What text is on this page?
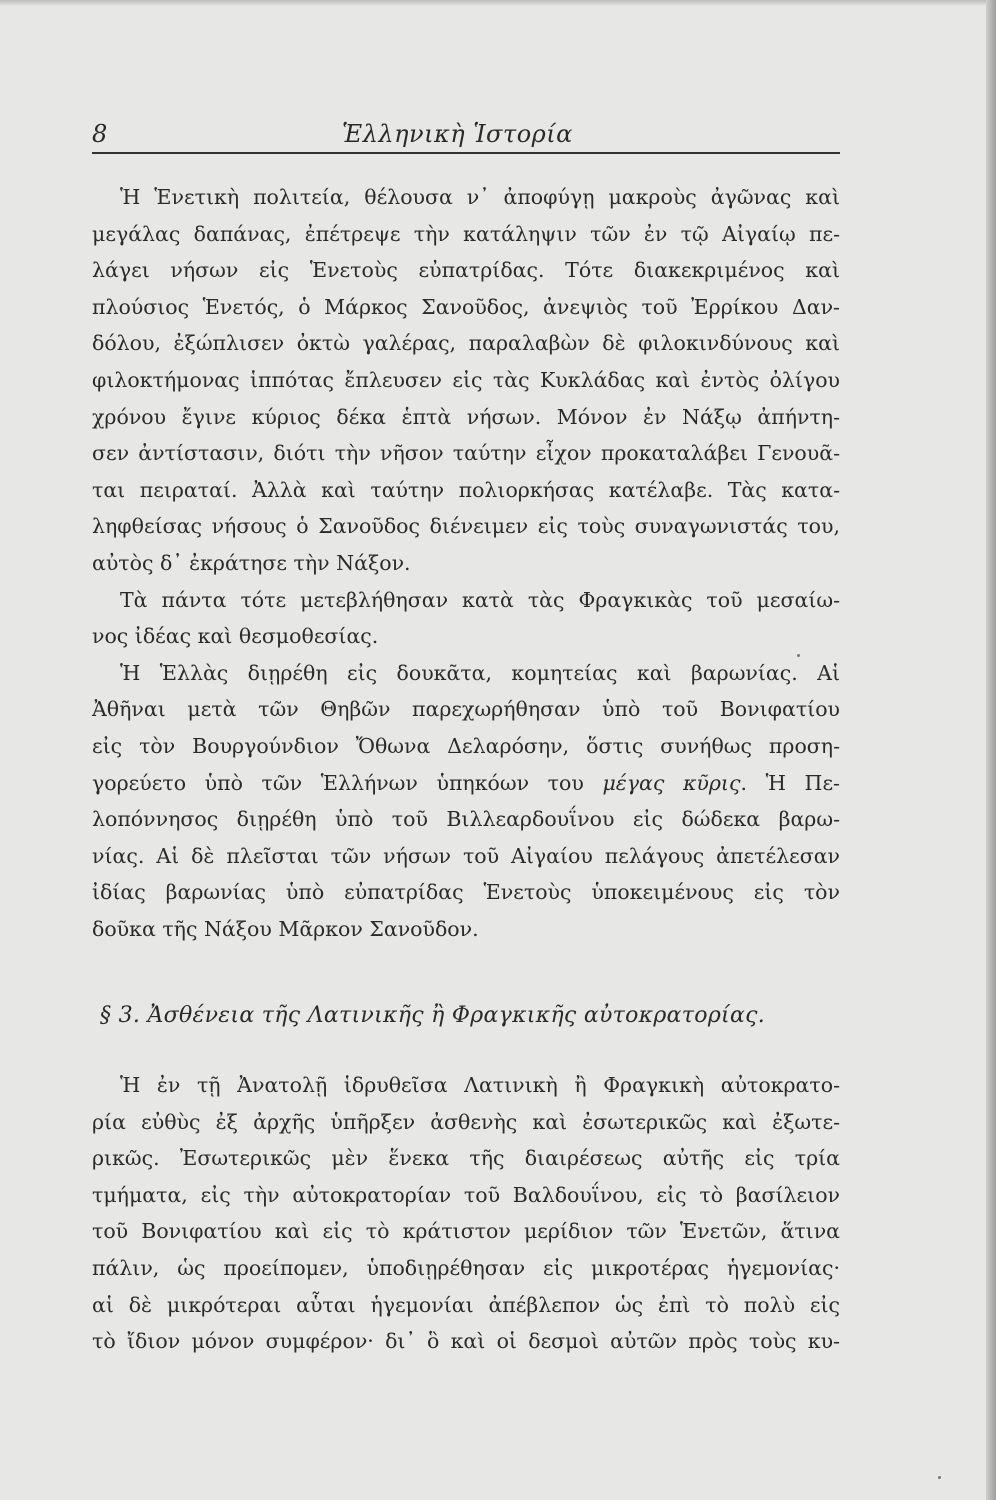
8	Ἑλληνικὴ Ἱστορία
Ἡ Ἑνετικὴ πολιτεία, θέλουσα ν᾽ ἀποφύγῃ μακροὺς ἀγῶνας καὶ
μεγάλας δαπάνας, ἐπέτρεψε τὴν κατάληψιν τῶν ἐν τῷ Αἰγαίῳ πε-
λάγει νήσων εἰς Ἑνετοὺς εὐπατρίδας. Τότε διακεκριμένος καὶ
πλούσιος Ἑνετός, ὁ Μάρκος Σανοῦδος, ἀνεψιὸς τοῦ Ἐρρίκου Δαν-
δόλου, ἐξώπλισεν ὀκτὼ γαλέρας, παραλαβὼν δὲ φιλοκινδύνους καὶ
φιλοκτήμονας ἱππότας ἔπλευσεν εἰς τὰς Κυκλάδας καὶ ἐντὸς ὀλίγου
χρόνου ἔγινε κύριος δέκα ἑπτὰ νήσων. Μόνον ἐν Νάξῳ ἀπήντη-
σεν ἀντίστασιν, διότι τὴν νῆσον ταύτην εἶχον προκαταλάβει Γενουᾶ-
ται πειραταί. Ἀλλὰ καὶ ταύτην πολιορκήσας κατέλαβε. Τὰς κατα-
ληφθείσας νήσους ὁ Σανοῦδος διένειμεν εἰς τοὺς συναγωνιστάς του,
αὐτὸς δ᾽ ἐκράτησε τὴν Νάξον.
Τὰ πάντα τότε μετεβλήθησαν κατὰ τὰς Φραγκικὰς τοῦ μεσαίω-
νος ἰδέας καὶ θεσμοθεσίας.
Ἡ Ἑλλὰς διῃρέθη εἰς δουκᾶτα, κομητείας καὶ βαρωνίας. Αἱ
Ἀθῆναι μετὰ τῶν Θηβῶν παρεχωρήθησαν ὑπὸ τοῦ Βονιφατίου
εἰς τὸν Βουργούνδιον Ὄθωνα Δελαρόσην, ὅστις συνήθως προση-
γορεύετο ὑπὸ τῶν Ἑλλήνων ὑπηκόων του μέγας κῦρις. Ἡ Πε-
λοπόννησος διῃρέθη ὑπὸ τοῦ Βιλλεαρδουΐνου εἰς δώδεκα βαρω-
νίας. Αἱ δὲ πλεῖσται τῶν νήσων τοῦ Αἰγαίου πελάγους ἀπετέλεσαν
ἰδίας βαρωνίας ὑπὸ εὐπατρίδας Ἑνετοὺς ὑποκειμένους εἰς τὸν
δοῦκα τῆς Νάξου Μᾶρκον Σανοῦδον.
§ 3. Ἀσθένεια τῆς Λατινικῆς ἢ Φραγκικῆς αὐτοκρατορίας.
Ἡ ἐν τῇ Ἀνατολῇ ἱδρυθεῖσα Λατινικὴ ἢ Φραγκικὴ αὐτοκρατο-
ρία εὐθὺς ἐξ ἀρχῆς ὑπῆρξεν ἀσθενὴς καὶ ἐσωτερικῶς καὶ ἐξωτε-
ρικῶς. Ἐσωτερικῶς μὲν ἕνεκα τῆς διαιρέσεως αὐτῆς εἰς τρία
τμήματα, εἰς τὴν αὐτοκρατορίαν τοῦ Βαλδουΐνου, εἰς τὸ βασίλειον
τοῦ Βονιφατίου καὶ εἰς τὸ κράτιστον μερίδιον τῶν Ἑνετῶν, ἅτινα
πάλιν, ὡς προείπομεν, ὑποδιῃρέθησαν εἰς μικροτέρας ἡγεμονίας·
αἱ δὲ μικρότεραι αὗται ἡγεμονίαι ἀπέβλεπον ὡς ἐπὶ τὸ πολὺ εἰς
τὸ ἴδιον μόνον συμφέρον· δι᾽ ὃ καὶ οἱ δεσμοὶ αὐτῶν πρὸς τοὺς κυ-
